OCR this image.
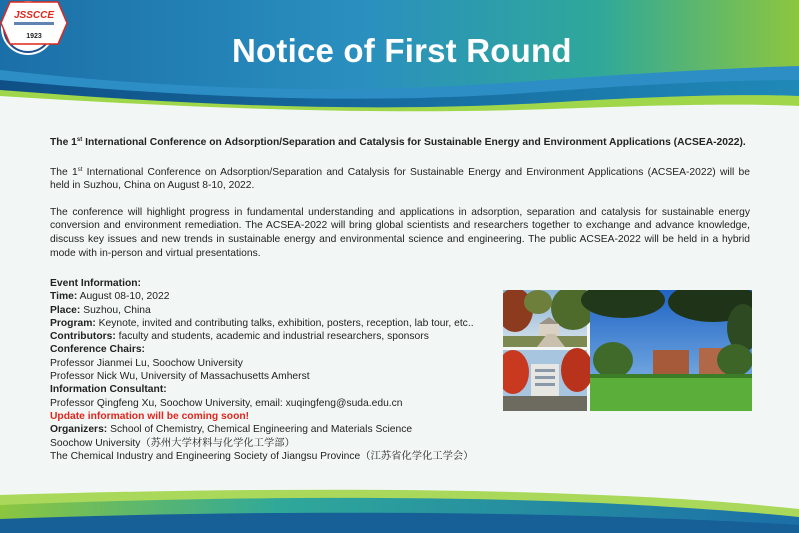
JSSCCE
1923	Notice of First Round

The 1st International Conference on Adsorption/Separation and Catalysis for Sustainable Energy and Environment Applications (ACSEA-2022).

The 1st International Conference on Adsorption/Separation and Catalysis for Sustainable Energy and Environment Applications (ACSEA-2022) will be held in Suzhou, China on August 8-10, 2022.

The conference will highlight progress in fundamental understanding and applications in adsorption, separation and catalysis for sustainable energy conversion and environment remediation. The ACSEA-2022 will bring global scientists and researchers together to exchange and advance knowledge, discuss key issues and new trends in sustainable energy and environmental science and engineering. The public ACSEA-2022 will be held in a hybrid mode with in-person and virtual presentations.

Event Information:
Time: August 08-10, 2022
Place: Suzhou, China
Program: Keynote, invited and contributing talks, exhibition, posters, reception, lab tour, etc..
Contributors: faculty and students, academic and industrial researchers, sponsors
Conference Chairs:
Professor Jianmei Lu, Soochow University
Professor Nick Wu, University of Massachusetts Amherst
Information Consultant:
Professor Qingfeng Xu, Soochow University, email: xuqingfeng@suda.edu.cn
Update information will be coming soon!
Organizers: School of Chemistry, Chemical Engineering and Materials Science
Soochow University（苏州大学材料与化学化工学部）
The Chemical Industry and Engineering Society of Jiangsu Province（江苏省化学化工学会）
